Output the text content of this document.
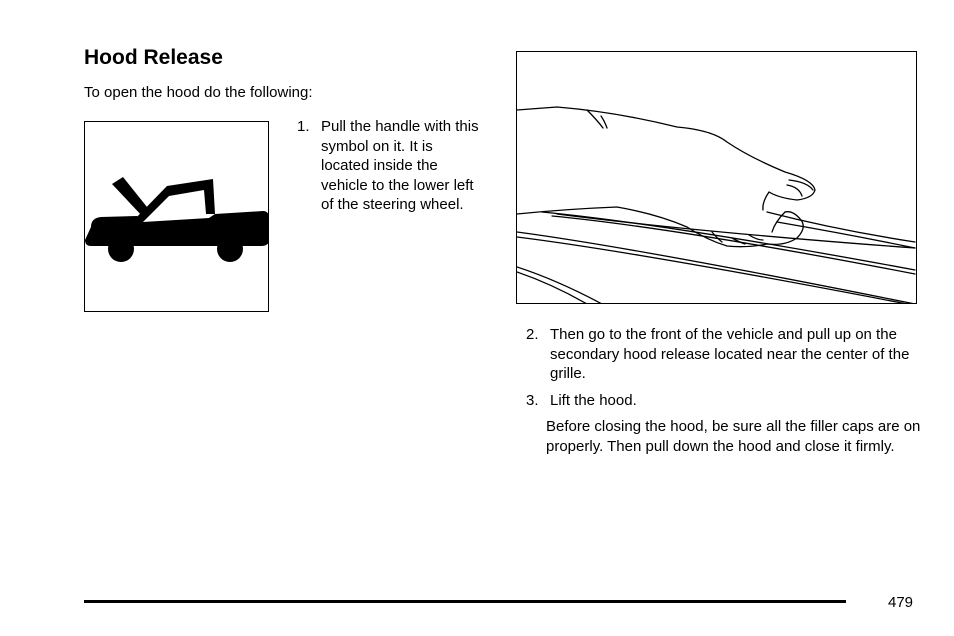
Hood Release
To open the hood do the following:
1. Pull the handle with this symbol on it. It is located inside the vehicle to the lower left of the steering wheel.
2. Then go to the front of the vehicle and pull up on the secondary hood release located near the center of the grille.
3. Lift the hood.
Before closing the hood, be sure all the filler caps are on properly. Then pull down the hood and close it firmly.
479
